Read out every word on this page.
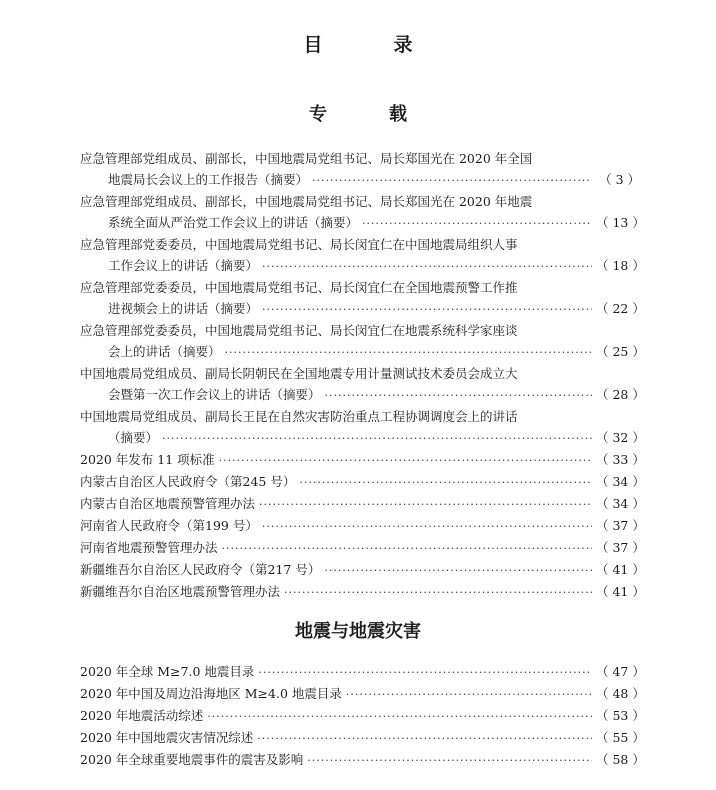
目　录
专　载
应急管理部党组成员、副部长，中国地震局党组书记、局长郑国光在 2020 年全国
地震局长会议上的工作报告（摘要） ·····	（ 3 ）
应急管理部党组成员、副部长，中国地震局党组书记、局长郑国光在 2020 年地震
系统全面从严治党工作会议上的讲话（摘要） ·····	（ 13 ）
应急管理部党委委员，中国地震局党组书记、局长闵宜仁在中国地震局组织人事
工作会议上的讲话（摘要） ·····	（ 18 ）
应急管理部党委委员，中国地震局党组书记、局长闵宜仁在全国地震预警工作推
进视频会上的讲话（摘要） ·····	（ 22 ）
应急管理部党委委员，中国地震局党组书记、局长闵宜仁在地震系统科学家座谈
会上的讲话（摘要） ·····	（ 25 ）
中国地震局党组成员、副局长阴朝民在全国地震专用计量测试技术委员会成立大
会暨第一次工作会议上的讲话（摘要） ·····	（ 28 ）
中国地震局党组成员、副局长王昆在自然灾害防治重点工程协调调度会上的讲话
（摘要） ·····	（ 32 ）
2020 年发布 11 项标准 ·····	（ 33 ）
内蒙古自治区人民政府令（第245 号） ·····	（ 34 ）
内蒙古自治区地震预警管理办法 ·····	（ 34 ）
河南省人民政府令（第199 号） ·····	（ 37 ）
河南省地震预警管理办法 ·····	（ 37 ）
新疆维吾尔自治区人民政府令（第217 号） ·····	（ 41 ）
新疆维吾尔自治区地震预警管理办法 ·····	（ 41 ）
地震与地震灾害
2020 年全球 M≥7.0 地震目录 ·····	（ 47 ）
2020 年中国及周边沿海地区 M≥4.0 地震目录 ·····	（ 48 ）
2020 年地震活动综述 ·····	（ 53 ）
2020 年中国地震灾害情况综述 ·····	（ 55 ）
2020 年全球重要地震事件的震害及影响 ·····	（ 58 ）
